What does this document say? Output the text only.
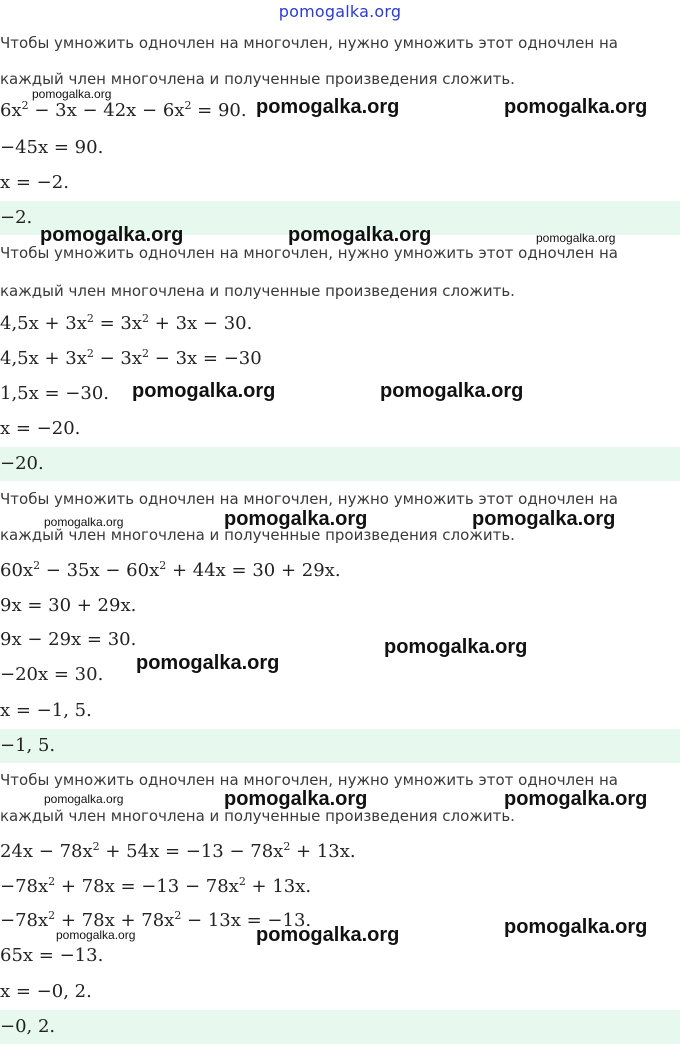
pomogalka.org
Чтобы умножить одночлен на многочлен, нужно умножить этот одночлен на
каждый член многочлена и полученные произведения сложить.
$6x^2 - 3x - 42x - 6x^2 = 90$.
−45x = 90.
x = −2.
−2.
Чтобы умножить одночлен на многочлен, нужно умножить этот одночлен на
каждый член многочлена и полученные произведения сложить.
$4,5x + 3x^2 = 3x^2 + 3x - 30$.
$4,5x + 3x^2 - 3x^2 - 3x = -30$
1,5x = −30.
x = −20.
−20.
Чтобы умножить одночлен на многочлен, нужно умножить этот одночлен на
каждый член многочлена и полученные произведения сложить.
$60x^2 - 35x - 60x^2 + 44x = 30 + 29x$.
9x = 30 + 29x.
9x − 29x = 30.
−20x = 30.
x = −1, 5.
−1, 5.
Чтобы умножить одночлен на многочлен, нужно умножить этот одночлен на
каждый член многочлена и полученные произведения сложить.
$24x - 78x^2 + 54x = -13 - 78x^2 + 13x$.
$-78x^2 + 78x = -13 - 78x^2 + 13x$.
$-78x^2 + 78x + 78x^2 - 13x = -13$.
65x = −13.
x = −0, 2.
−0, 2.
pomogalka.org
pomogalka.org	pomogalka.org
pomogalka.org	pomogalka.org	pomogalka.org
pomogalka.org	pomogalka.org
pomogalka.org	pomogalka.org	pomogalka.org
pomogalka.org
pomogalka.org
pomogalka.org	pomogalka.org	pomogalka.org
pomogalka.org	pomogalka.org	pomogalka.org
